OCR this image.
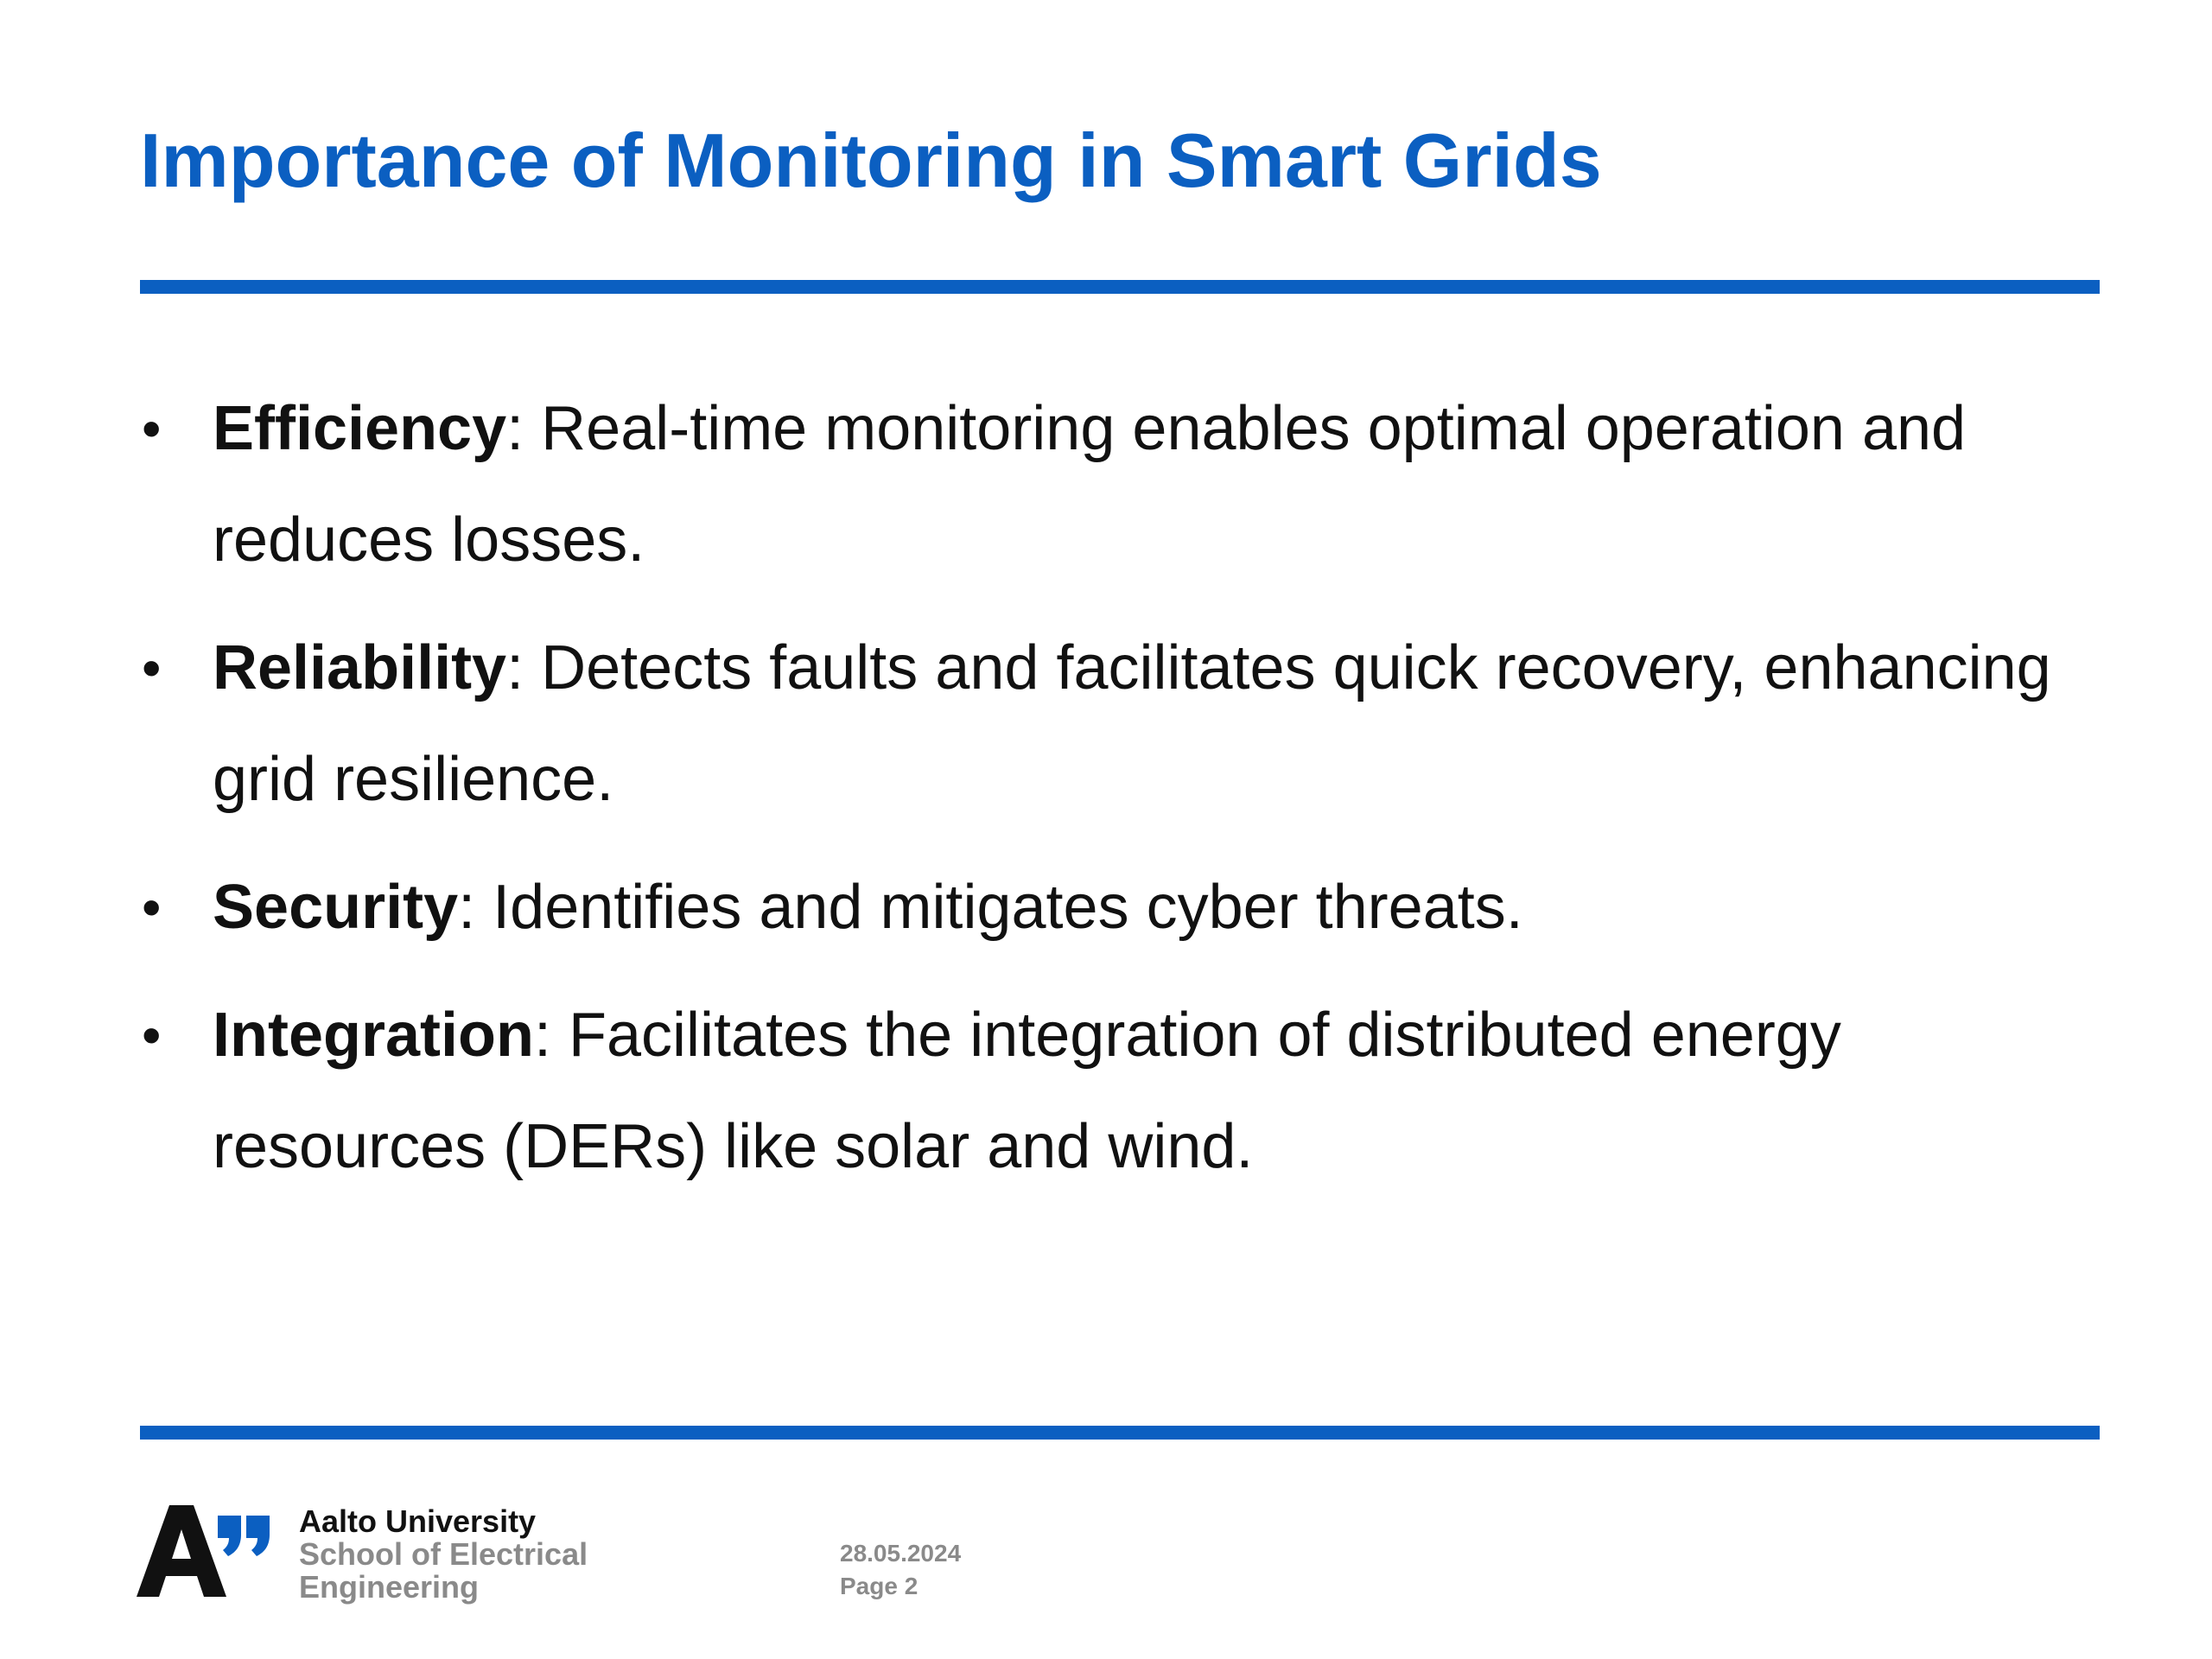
Importance of Monitoring in Smart Grids
• Efficiency: Real-time monitoring enables optimal operation and reduces losses.
• Reliability: Detects faults and facilitates quick recovery, enhancing grid resilience.
• Security: Identifies and mitigates cyber threats.
• Integration: Facilitates the integration of distributed energy resources (DERs) like solar and wind.
Aalto University
School of Electrical Engineering
28.05.2024
Page 2
